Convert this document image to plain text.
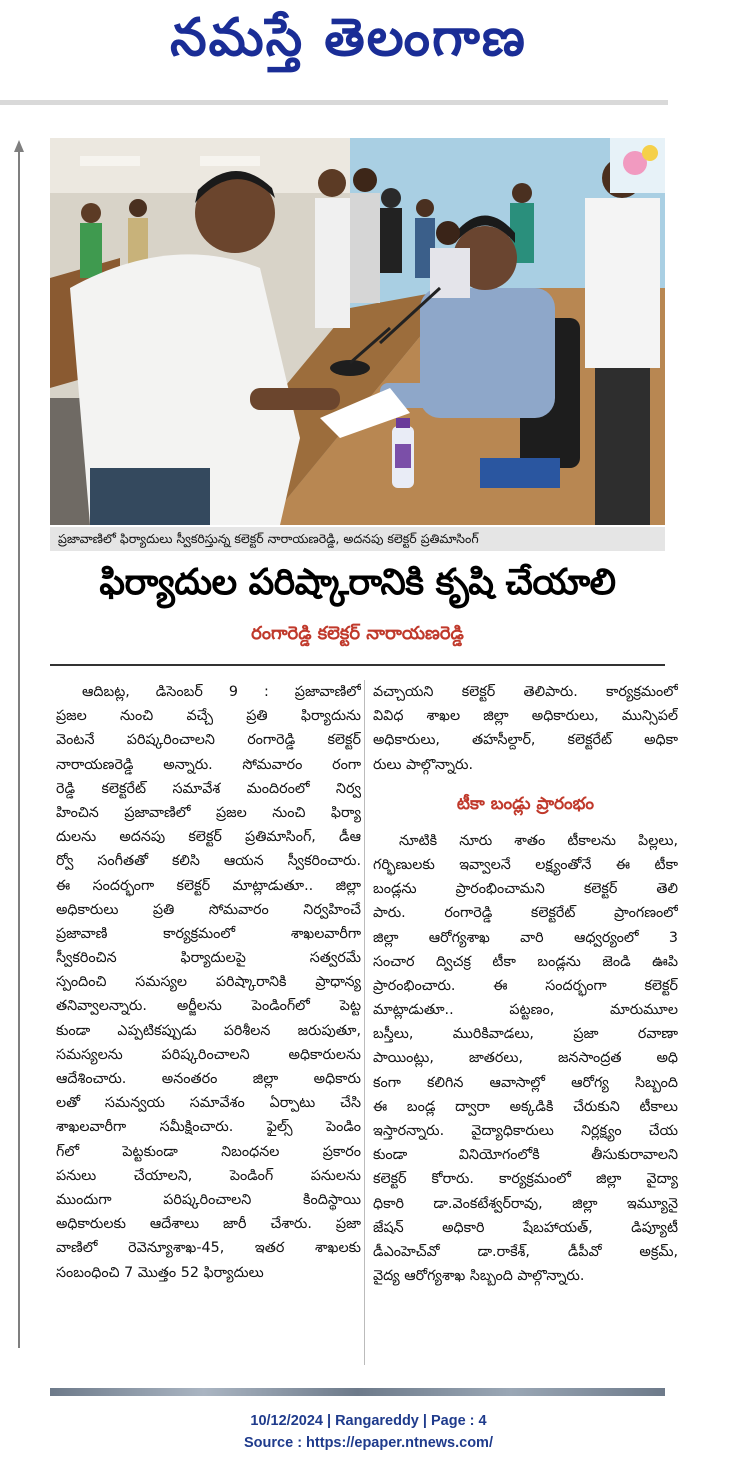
నమస్తే తెలంగాణ
ప్రజావాణిలో ఫిర్యాదులు స్వీకరిస్తున్న కలెక్టర్ నారాయణరెడ్డి, అదనపు కలెక్టర్ ప్రతిమాసింగ్
ఫిర్యాదుల పరిష్కారానికి కృషి చేయాలి
రంగారెడ్డి కలెక్టర్ నారాయణరెడ్డి
ఆదిబట్ల, డిసెంబర్ 9 : ప్రజావాణిలో
ప్రజల నుంచి వచ్చే ప్రతి ఫిర్యాదును
వెంటనే పరిష్కరించాలని రంగారెడ్డి కలెక్టర్
నారాయణరెడ్డి అన్నారు. సోమవారం రంగా
రెడ్డి కలెక్టరేట్ సమావేశ మందిరంలో నిర్వ
హించిన ప్రజావాణిలో ప్రజల నుంచి ఫిర్యా
దులను అదనపు కలెక్టర్ ప్రతిమాసింగ్, డీఆ
ర్వో సంగీతతో కలిసి ఆయన స్వీకరించారు.
ఈ సందర్భంగా కలెక్టర్ మాట్లాడుతూ.. జిల్లా
అధికారులు ప్రతి సోమవారం నిర్వహించే
ప్రజావాణి కార్యక్రమంలో శాఖలవారీగా
స్వీకరించిన ఫిర్యాదులపై సత్వరమే
స్పందించి సమస్యల పరిష్కారానికి ప్రాధాన్య
తనివ్వాలన్నారు. అర్జీలను పెండింగ్‌లో పెట్ట
కుండా ఎప్పటికప్పుడు పరిశీలన జరుపుతూ,
సమస్యలను పరిష్కరించాలని అధికారులను
ఆదేశించారు. అనంతరం జిల్లా అధికారు
లతో సమన్వయ సమావేశం ఏర్పాటు చేసి
శాఖలవారీగా సమీక్షించారు. ఫైల్స్ పెండిం
గ్‌లో పెట్టకుండా నిబంధనల ప్రకారం
పనులు చేయాలని, పెండింగ్ పనులను
ముందుగా పరిష్కరించాలని కిందిస్థాయి
అధికారులకు ఆదేశాలు జారీ చేశారు. ప్రజా
వాణిలో రెవెన్యూశాఖ-45, ఇతర శాఖలకు
సంబంధించి 7 మొత్తం 52 ఫిర్యాదులు
వచ్చాయని కలెక్టర్ తెలిపారు. కార్యక్రమంలో
వివిధ శాఖల జిల్లా అధికారులు, మున్సిపల్
అధికారులు, తహసీల్దార్, కలెక్టరేట్ అధికా
రులు పాల్గొన్నారు.
టీకా బండ్లు ప్రారంభం
నూటికి నూరు శాతం టీకాలను పిల్లలు,
గర్భిణులకు ఇవ్వాలనే లక్ష్యంతోనే ఈ టీకా
బండ్లను ప్రారంభించామని కలెక్టర్ తెలి
పారు. రంగారెడ్డి కలెక్టరేట్ ప్రాంగణంలో
జిల్లా ఆరోగ్యశాఖ వారి ఆధ్వర్యంలో 3
సంచార ద్విచక్ర టీకా బండ్లను జెండి ఊపి
ప్రారంభించారు. ఈ సందర్భంగా కలెక్టర్
మాట్లాడుతూ.. పట్టణం, మారుమూల
బస్తీలు, మురికివాడలు, ప్రజా రవాణా
పాయింట్లు, జాతరలు, జనసాంద్రత అధి
కంగా కలిగిన ఆవాసాల్లో ఆరోగ్య సిబ్బంది
ఈ బండ్ల ద్వారా అక్కడికి చేరుకుని టీకాలు
ఇస్తారన్నారు. వైద్యాధికారులు నిర్లక్ష్యం చేయ
కుండా వినియోగంలోకి తీసుకురావాలని
కలెక్టర్ కోరారు. కార్యక్రమంలో జిల్లా వైద్యా
ధికారి డా.వెంకటేశ్వర్‌రావు, జిల్లా ఇమ్యూనై
జేషన్ అధికారి షేబహాయత్, డిప్యూటీ
డీఎంహెచ్‌వో డా.రాకేశ్, డీపీవో అక్రమ్,
వైద్య ఆరోగ్యశాఖ సిబ్బంది పాల్గొన్నారు.
10/12/2024 | Rangareddy | Page : 4
Source : https://epaper.ntnews.com/
